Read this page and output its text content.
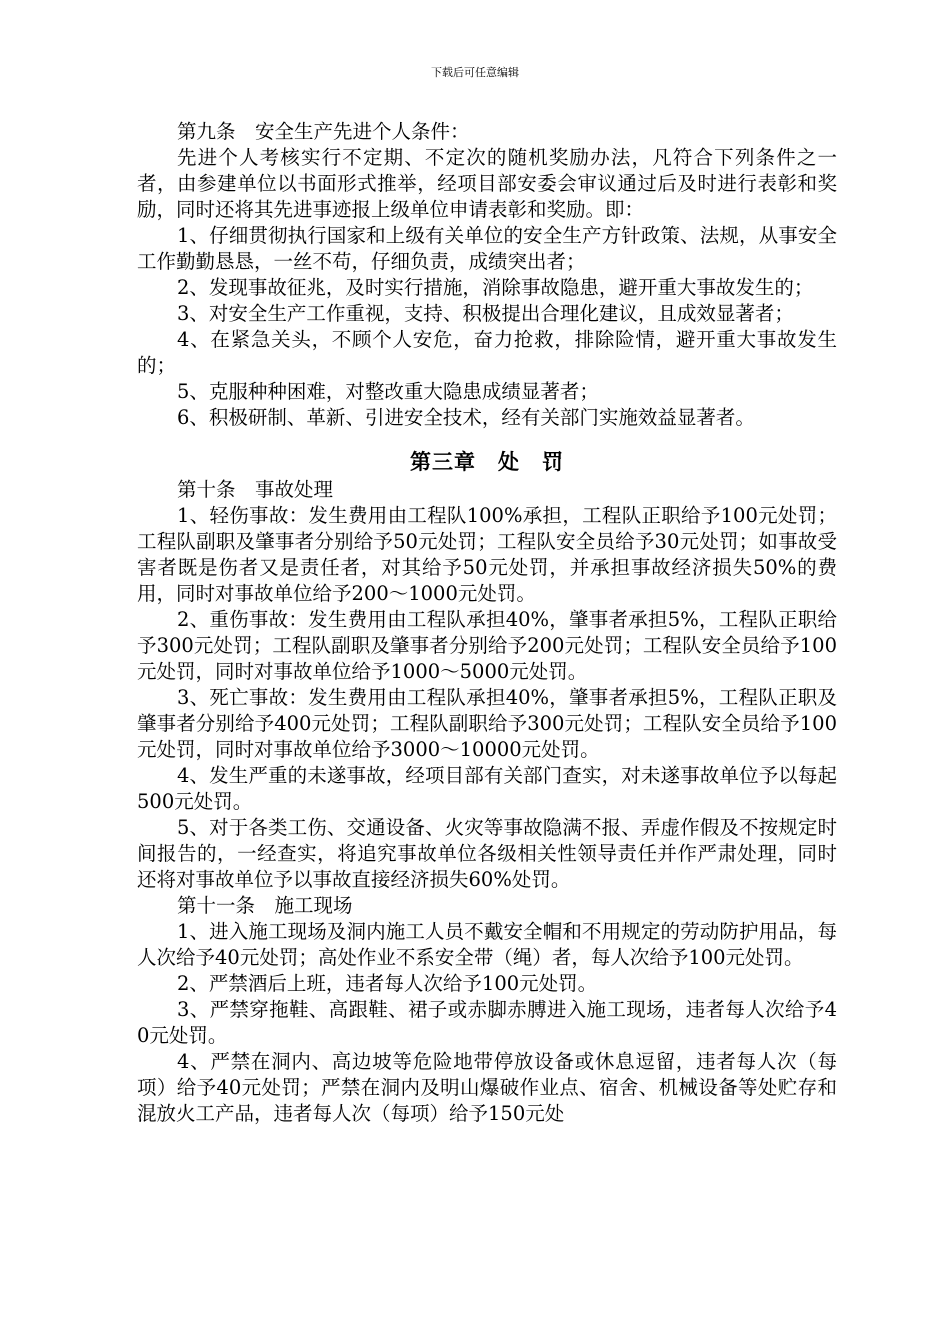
下载后可任意编辑

第九条　安全生产先进个人条件：

先进个人考核实行不定期、不定次的随机奖励办法，凡符合下列条件之一者，由参建单位以书面形式推举，经项目部安委会审议通过后及时进行表彰和奖励，同时还将其先进事迹报上级单位申请表彰和奖励。即：

1、仔细贯彻执行国家和上级有关单位的安全生产方针政策、法规，从事安全工作勤勤恳恳，一丝不苟，仔细负责，成绩突出者；

2、发现事故征兆，及时实行措施，消除事故隐患，避开重大事故发生的；

3、对安全生产工作重视，支持、积极提出合理化建议，且成效显著者；

4、在紧急关头，不顾个人安危，奋力抢救，排除险情，避开重大事故发生的；

5、克服种种困难，对整改重大隐患成绩显著者；

6、积极研制、革新、引进安全技术，经有关部门实施效益显著者。

第三章　处　罚

第十条　事故处理

1、轻伤事故：发生费用由工程队100%承担，工程队正职给予100元处罚；工程队副职及肇事者分别给予50元处罚；工程队安全员给予30元处罚；如事故受害者既是伤者又是责任者，对其给予50元处罚，并承担事故经济损失50%的费用，同时对事故单位给予200～1000元处罚。

2、重伤事故：发生费用由工程队承担40%，肇事者承担5%，工程队正职给予300元处罚；工程队副职及肇事者分别给予200元处罚；工程队安全员给予100元处罚，同时对事故单位给予1000～5000元处罚。

3、死亡事故：发生费用由工程队承担40%，肇事者承担5%，工程队正职及肇事者分别给予400元处罚；工程队副职给予300元处罚；工程队安全员给予100元处罚，同时对事故单位给予3000～10000元处罚。

4、发生严重的未遂事故，经项目部有关部门查实，对未遂事故单位予以每起500元处罚。

5、对于各类工伤、交通设备、火灾等事故隐满不报、弄虚作假及不按规定时间报告的，一经查实，将追究事故单位各级相关性领导责任并作严肃处理，同时还将对事故单位予以事故直接经济损失60%处罚。

第十一条　施工现场

1、进入施工现场及洞内施工人员不戴安全帽和不用规定的劳动防护用品，每人次给予40元处罚；高处作业不系安全带（绳）者，每人次给予100元处罚。

2、严禁酒后上班，违者每人次给予100元处罚。

3、严禁穿拖鞋、高跟鞋、裙子或赤脚赤膊进入施工现场，违者每人次给予40元处罚。

4、严禁在洞内、高边坡等危险地带停放设备或休息逗留，违者每人次（每项）给予40元处罚；严禁在洞内及明山爆破作业点、宿舍、机械设备等处贮存和混放火工产品，违者每人次（每项）给予150元处
